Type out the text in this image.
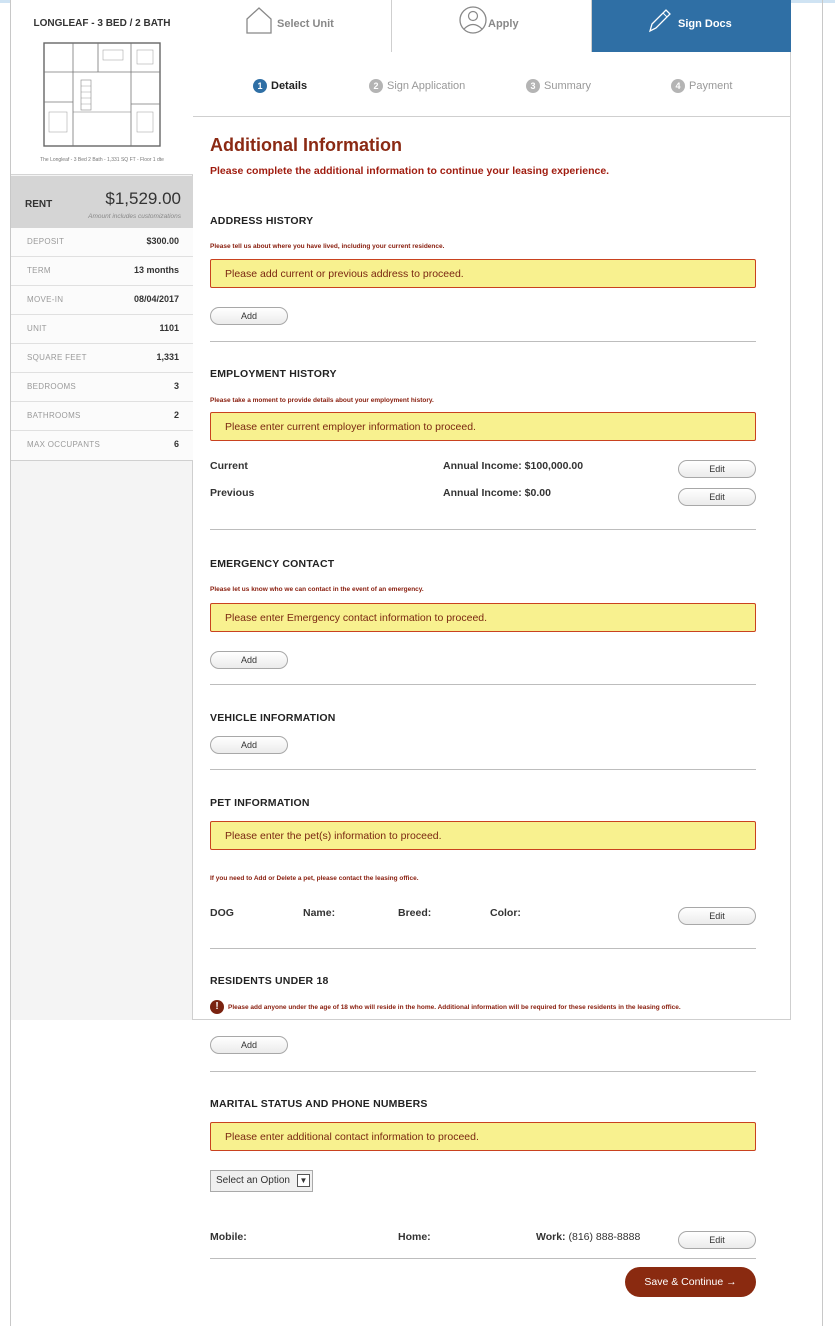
LONGLEAF - 3 BED / 2 BATH
The Longleaf - 3 Bed 2 Bath - 1,331 SQ FT - Floor 1 dte
RENT	$1,529.00
Amount includes customizations
DEPOSIT	$300.00
TERM	13 months
MOVE-IN	08/04/2017
UNIT	1101
SQUARE FEET	1,331
BEDROOMS	3
BATHROOMS	2
MAX OCCUPANTS	6
Select Unit	Apply	Sign Docs
1 Details	2 Sign Application	3 Summary	4 Payment
Additional Information
Please complete the additional information to continue your leasing experience.
ADDRESS HISTORY
Please tell us about where you have lived, including your current residence.
Please add current or previous address to proceed.
Add
EMPLOYMENT HISTORY
Please take a moment to provide details about your employment history.
Please enter current employer information to proceed.
Current	Annual Income: $100,000.00	Edit
Previous	Annual Income: $0.00	Edit
EMERGENCY CONTACT
Please let us know who we can contact in the event of an emergency.
Please enter Emergency contact information to proceed.
Add
VEHICLE INFORMATION
Add
PET INFORMATION
Please enter the pet(s) information to proceed.
If you need to Add or Delete a pet, please contact the leasing office.
DOG	Name:	Breed:	Color:	Edit
RESIDENTS UNDER 18
!	Please add anyone under the age of 18 who will reside in the home. Additional information will be required for these residents in the leasing office.
Add
MARITAL STATUS AND PHONE NUMBERS
Please enter additional contact information to proceed.
Select an Option	▼
Mobile:	Home:	Work: (816) 888-8888	Edit
Save & Continue →
